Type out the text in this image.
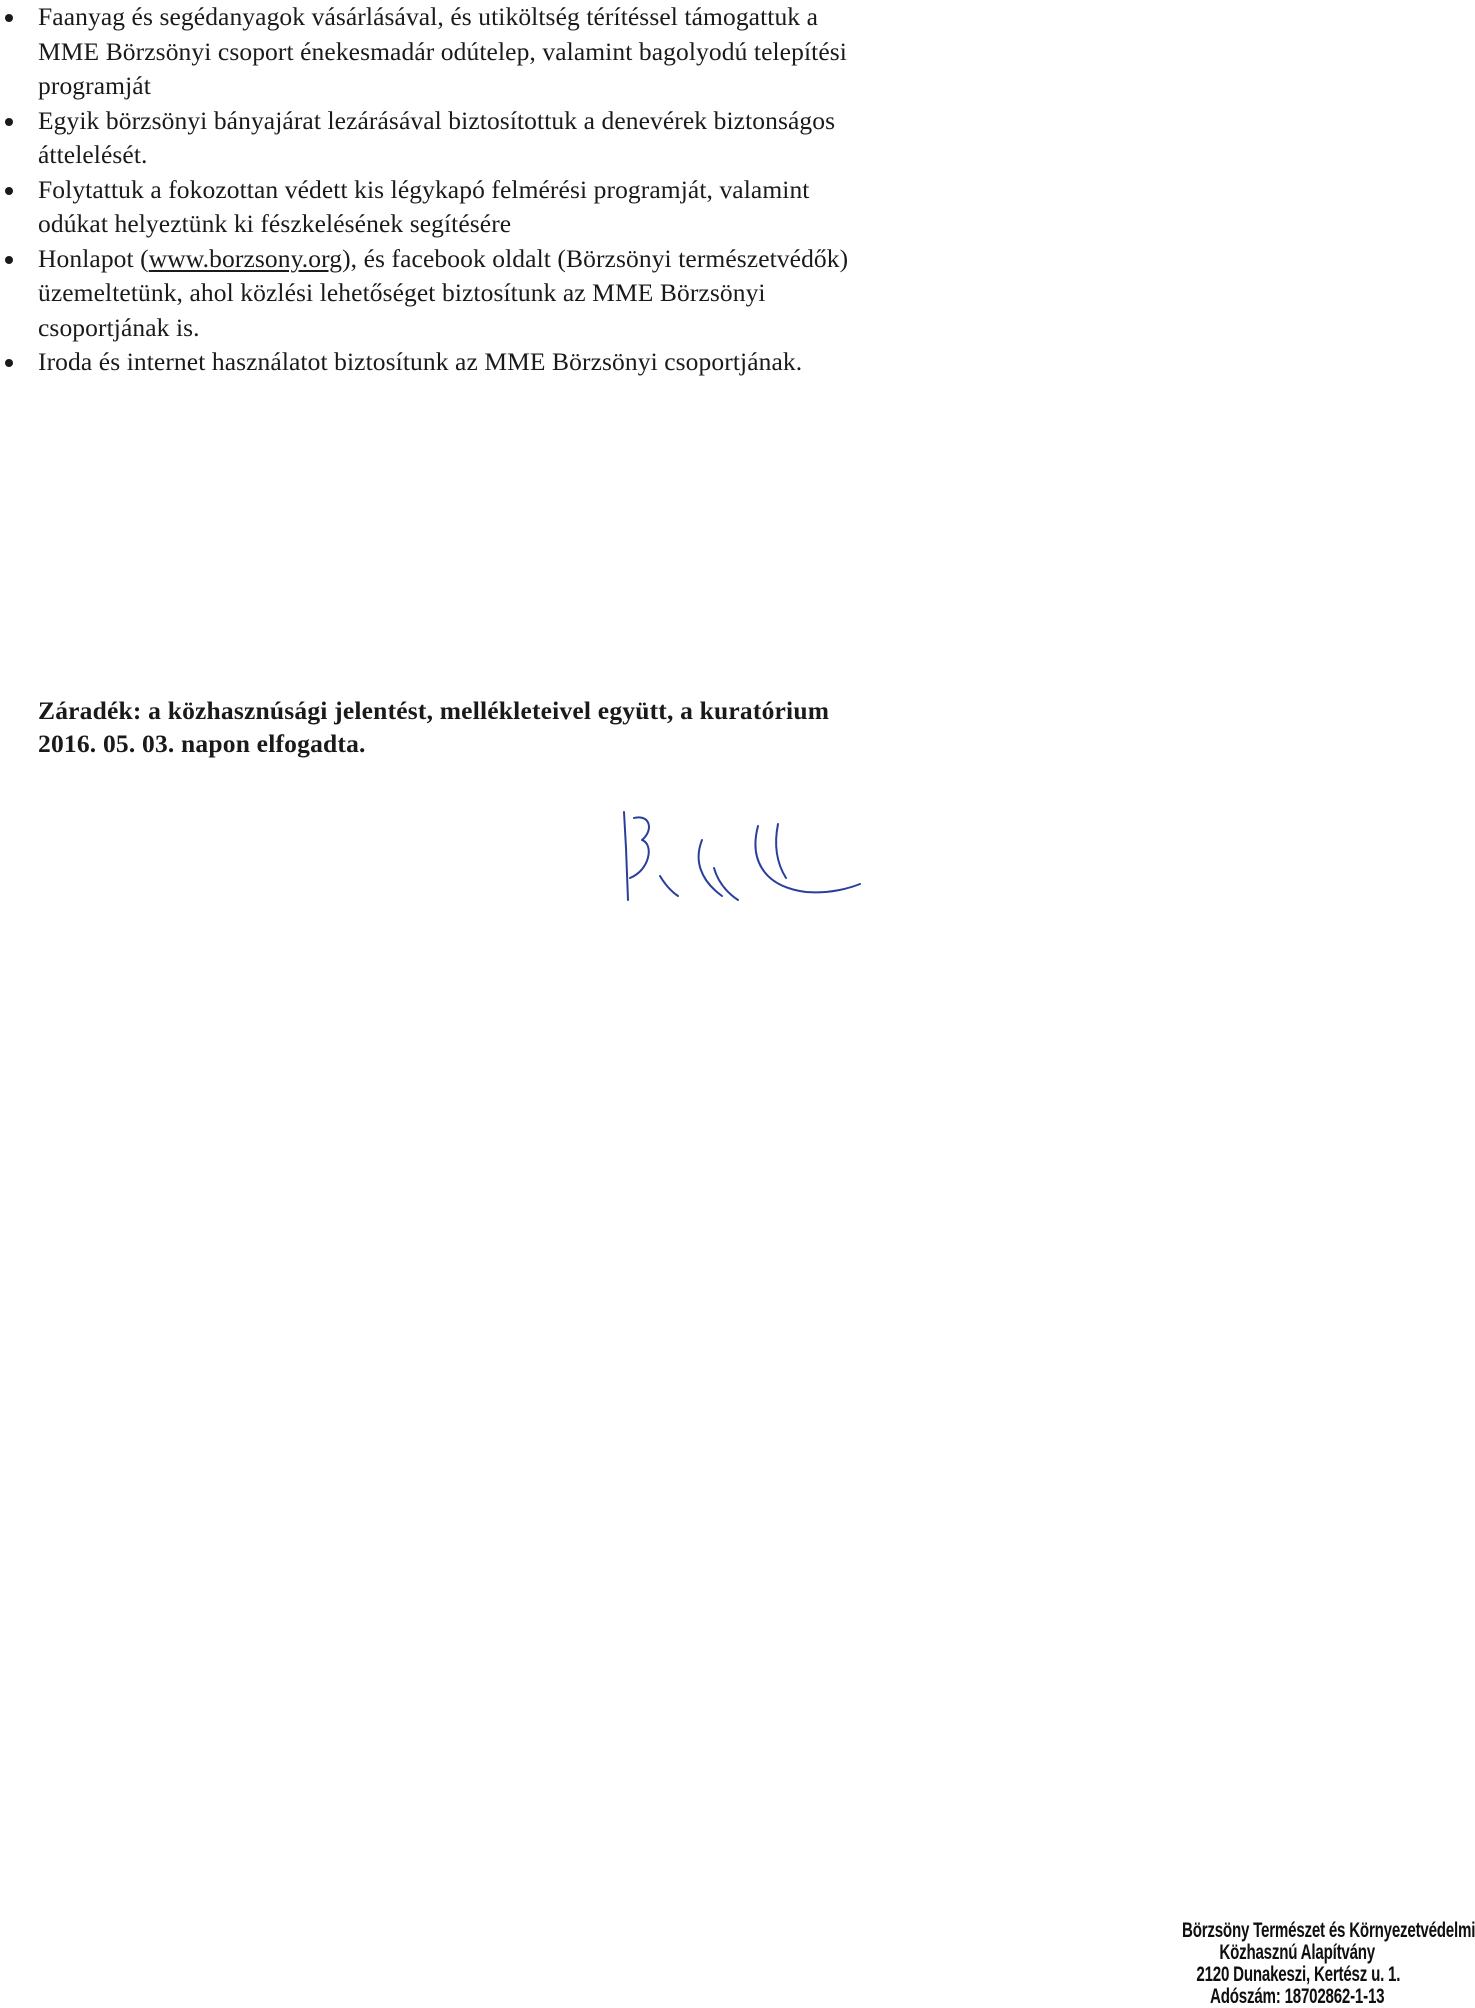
Faanyag és segédanyagok vásárlásával, és utiköltség térítéssel támogattuk a
MME Börzsönyi csoport énekesmadár odútelep, valamint bagolyodú telepítési
programját
Egyik börzsönyi bányajárat lezárásával biztosítottuk a denevérek biztonságos
áttelelését.
Folytattuk a fokozottan védett kis légykapó felmérési programját, valamint
odúkat helyeztünk ki fészkelésének segítésére
Honlapot (www.borzsony.org), és facebook oldalt (Börzsönyi természetvédők)
üzemeltetünk, ahol közlési lehetőséget biztosítunk az MME Börzsönyi
csoportjának is.
Iroda és internet használatot biztosítunk az MME Börzsönyi csoportjának.
Záradék: a közhasznúsági jelentést, mellékleteivel együtt, a kuratórium
2016. 05. 03. napon elfogadta.
Börzsöny Természet és Környezetvédelmi
Közhasznú Alapítvány
2120 Dunakeszi, Kertész u. 1.
Adószám: 18702862-1-13
